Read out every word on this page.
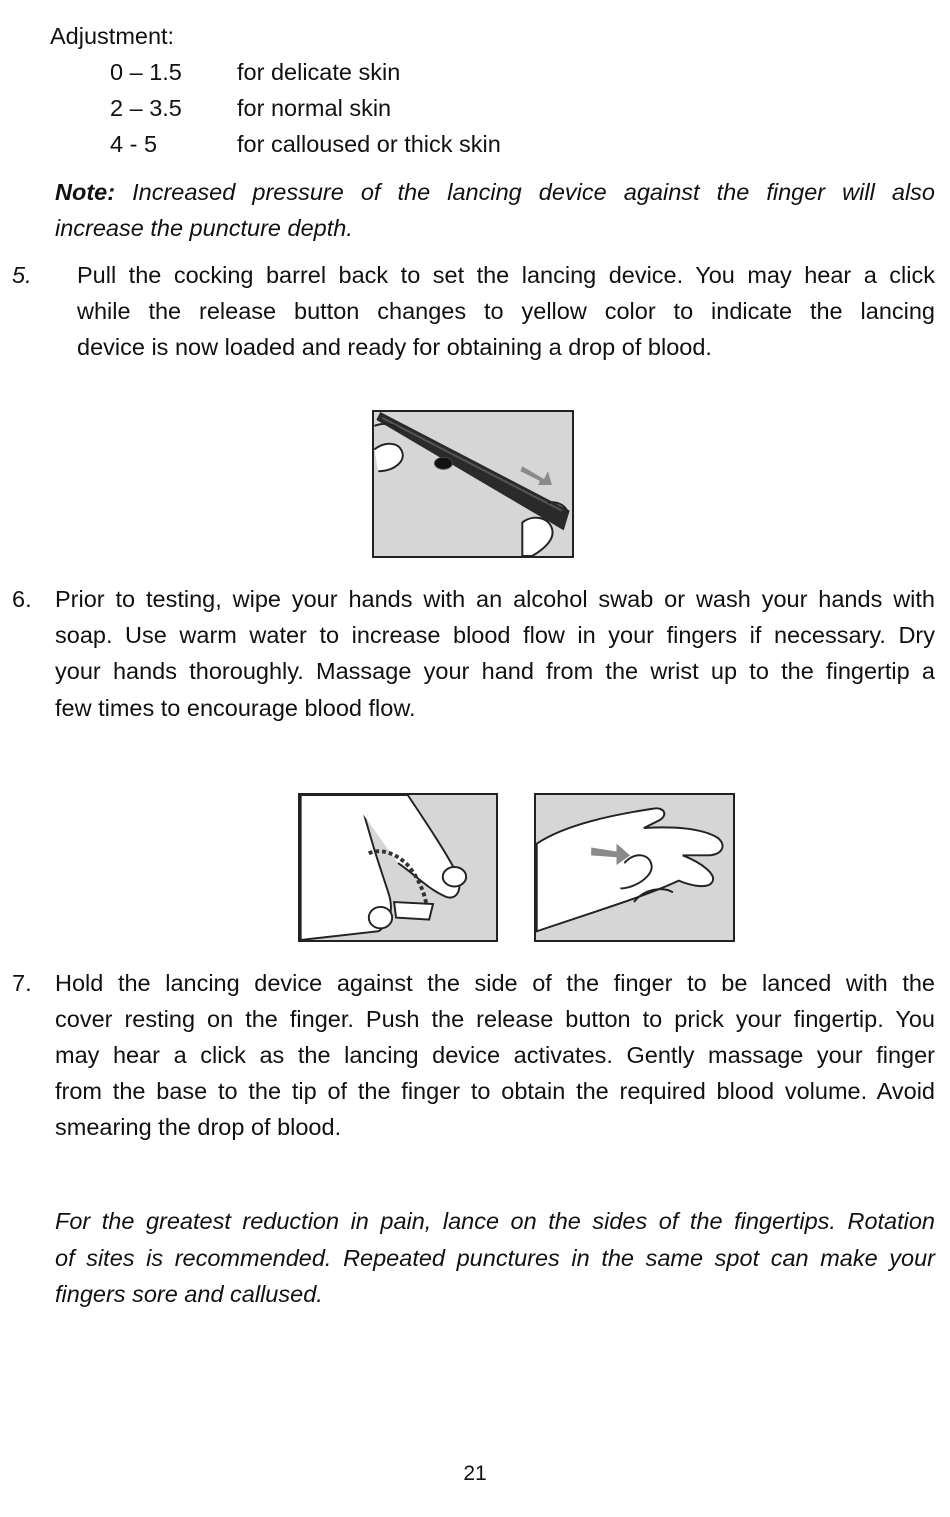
Adjustment:
0 – 1.5 for delicate skin
2 – 3.5 for normal skin
4 - 5	for calloused or thick skin
Note: Increased pressure of the lancing device against the finger will also
increase the puncture depth.
5. Pull the cocking barrel back to set the lancing device. You may hear a click
while the release button changes to yellow color to indicate the lancing
device is now loaded and ready for obtaining a drop of blood.
6. Prior to testing, wipe your hands with an alcohol swab or wash your hands with
soap. Use warm water to increase blood flow in your fingers if necessary. Dry
your hands thoroughly. Massage your hand from the wrist up to the fingertip a
few times to encourage blood flow.
7. Hold the lancing device against the side of the finger to be lanced with the
cover resting on the finger. Push the release button to prick your fingertip. You
may hear a click as the lancing device activates. Gently massage your finger
from the base to the tip of the finger to obtain the required blood volume. Avoid
smearing the drop of blood.
For the greatest reduction in pain, lance on the sides of the fingertips. Rotation
of sites is recommended. Repeated punctures in the same spot can make your
fingers sore and callused.
21
